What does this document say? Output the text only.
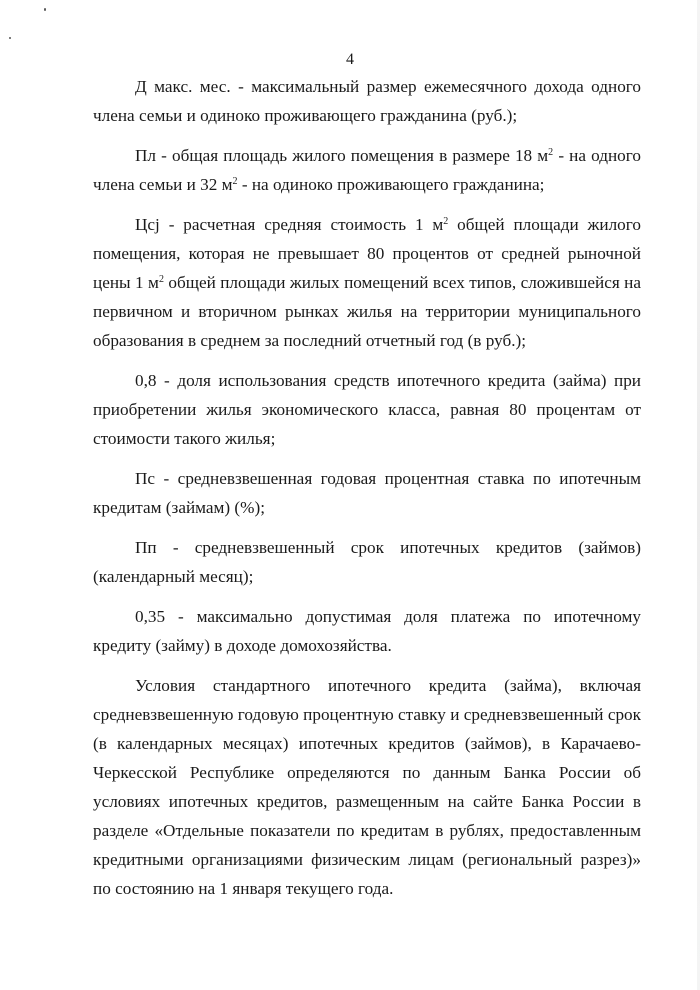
4

Д макс. мес. - максимальный размер ежемесячного дохода одного члена семьи и одиноко проживающего гражданина (руб.);

Пл - общая площадь жилого помещения в размере 18 $м^2$ - на одного члена семьи и 32 $м^2$ - на одиноко проживающего гражданина;

Цсj - расчетная средняя стоимость 1 $м^2$ общей площади жилого помещения, которая не превышает 80 процентов от средней рыночной цены 1 $м^2$ общей площади жилых помещений всех типов, сложившейся на первичном и вторичном рынках жилья на территории муниципального образования в среднем за последний отчетный год (в руб.);

0,8 - доля использования средств ипотечного кредита (займа) при приобретении жилья экономического класса, равная 80 процентам от стоимости такого жилья;

Пс - средневзвешенная годовая процентная ставка по ипотечным кредитам (займам) (%);

Пп - средневзвешенный срок ипотечных кредитов (займов) (календарный месяц);

0,35 - максимально допустимая доля платежа по ипотечному кредиту (займу) в доходе домохозяйства.

Условия стандартного ипотечного кредита (займа), включая средневзвешенную годовую процентную ставку и средневзвешенный срок (в календарных месяцах) ипотечных кредитов (займов), в Карачаево-Черкесской Республике определяются по данным Банка России об условиях ипотечных кредитов, размещенным на сайте Банка России в разделе «Отдельные показатели по кредитам в рублях, предоставленным кредитными организациями физическим лицам (региональный разрез)» по состоянию на 1 января текущего года.
